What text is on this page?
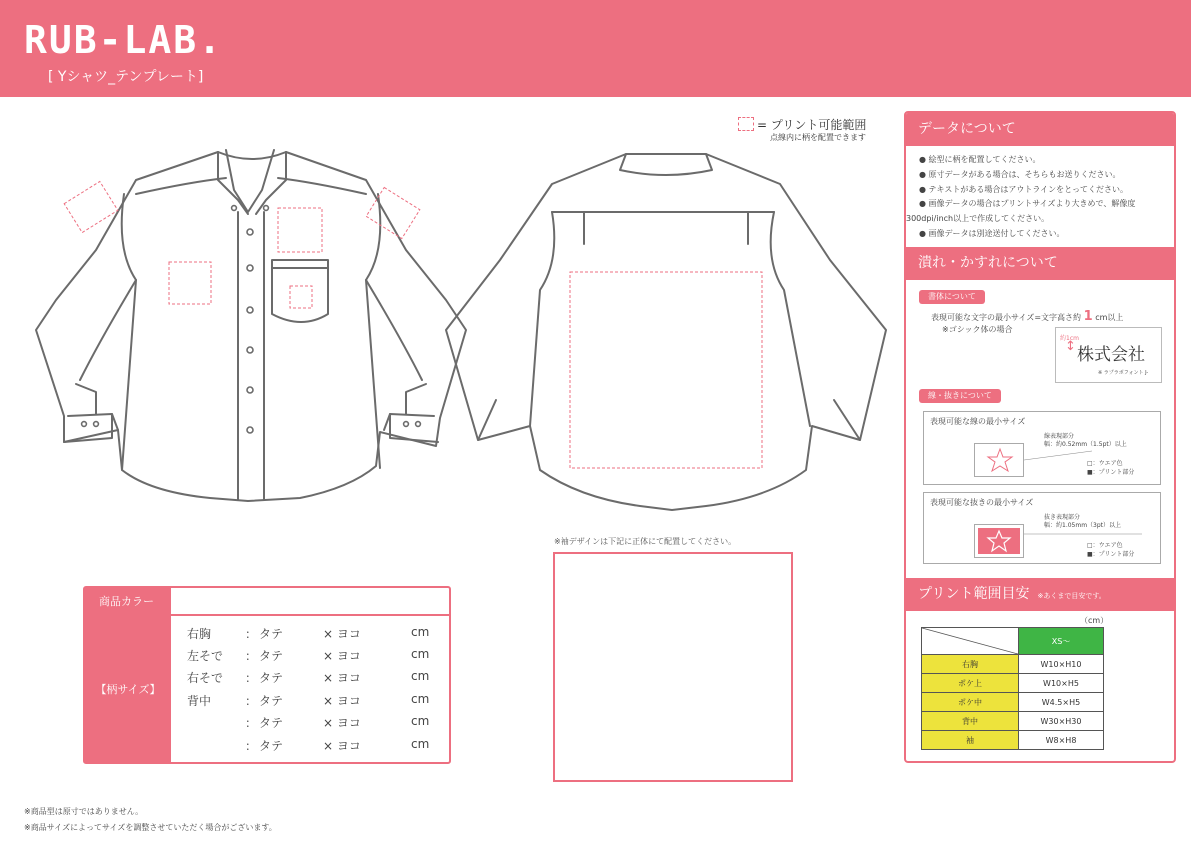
RUB-LAB.
[ Yシャツ_テンプレート]
= プリント可能範囲
点線内に柄を配置できます
※袖デザインは下記に正体にて配置してください。
商品カラー
【柄サイズ】
右胸	： タテ	× ヨコ	cm
左そで ： タテ	× ヨコ	cm
右そで ： タテ	× ヨコ	cm
背中	： タテ	× ヨコ	cm
： タテ	× ヨコ	cm
： タテ	× ヨコ	cm
※商品型は原寸ではありません。
※商品サイズによってサイズを調整させていただく場合がございます。
データについて
● 絵型に柄を配置してください。
● 原寸データがある場合は、そちらもお送りください。
● テキストがある場合はアウトラインをとってください。
● 画像データの場合はプリントサイズより大きめで、解像度
300dpi/inch以上で作成してください。
● 画像データは別途送付してください。
潰れ・かすれについて
書体について
表現可能な文字の最小サイズ=文字高さ約 1 cm以上
※ゴシック体の場合
約1cm
↕ 株式会社
※ ラプラボフォント J-
線・抜きについて
表現可能な線の最小サイズ
線表現部分
幅：約0.52mm（1.5pt）以上
□：ウエア色
■：プリント部分
表現可能な抜きの最小サイズ
抜き表現部分
幅：約1.05mm（3pt）以上
□：ウエア色
■：プリント部分
プリント範囲目安 ※あくまで目安です。
（cm）
	XS〜
右胸	W10×H10
ポケ上	W10×H5
ポケ中	W4.5×H5
背中	W30×H30
袖	W8×H8
